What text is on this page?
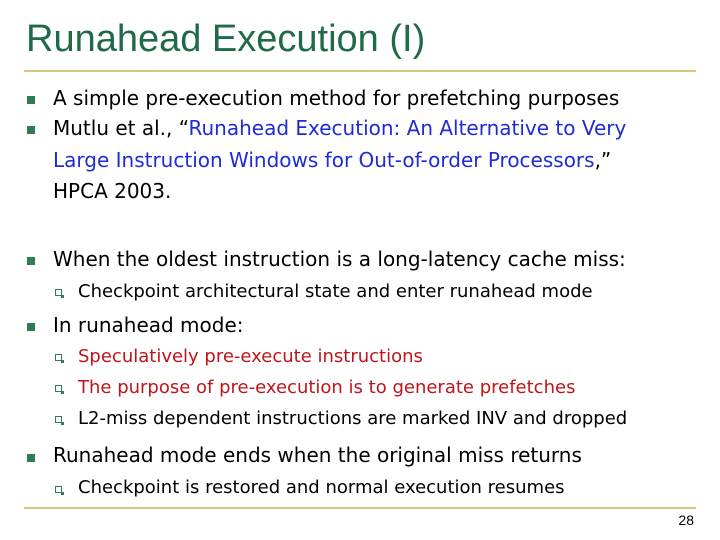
Runahead Execution (I)
A simple pre-execution method for prefetching purposes
Mutlu et al., “Runahead Execution: An Alternative to Very
Large Instruction Windows for Out-of-order Processors,”
HPCA 2003.
When the oldest instruction is a long-latency cache miss:
Checkpoint architectural state and enter runahead mode
In runahead mode:
Speculatively pre-execute instructions
The purpose of pre-execution is to generate prefetches
L2-miss dependent instructions are marked INV and dropped
Runahead mode ends when the original miss returns
Checkpoint is restored and normal execution resumes
28
